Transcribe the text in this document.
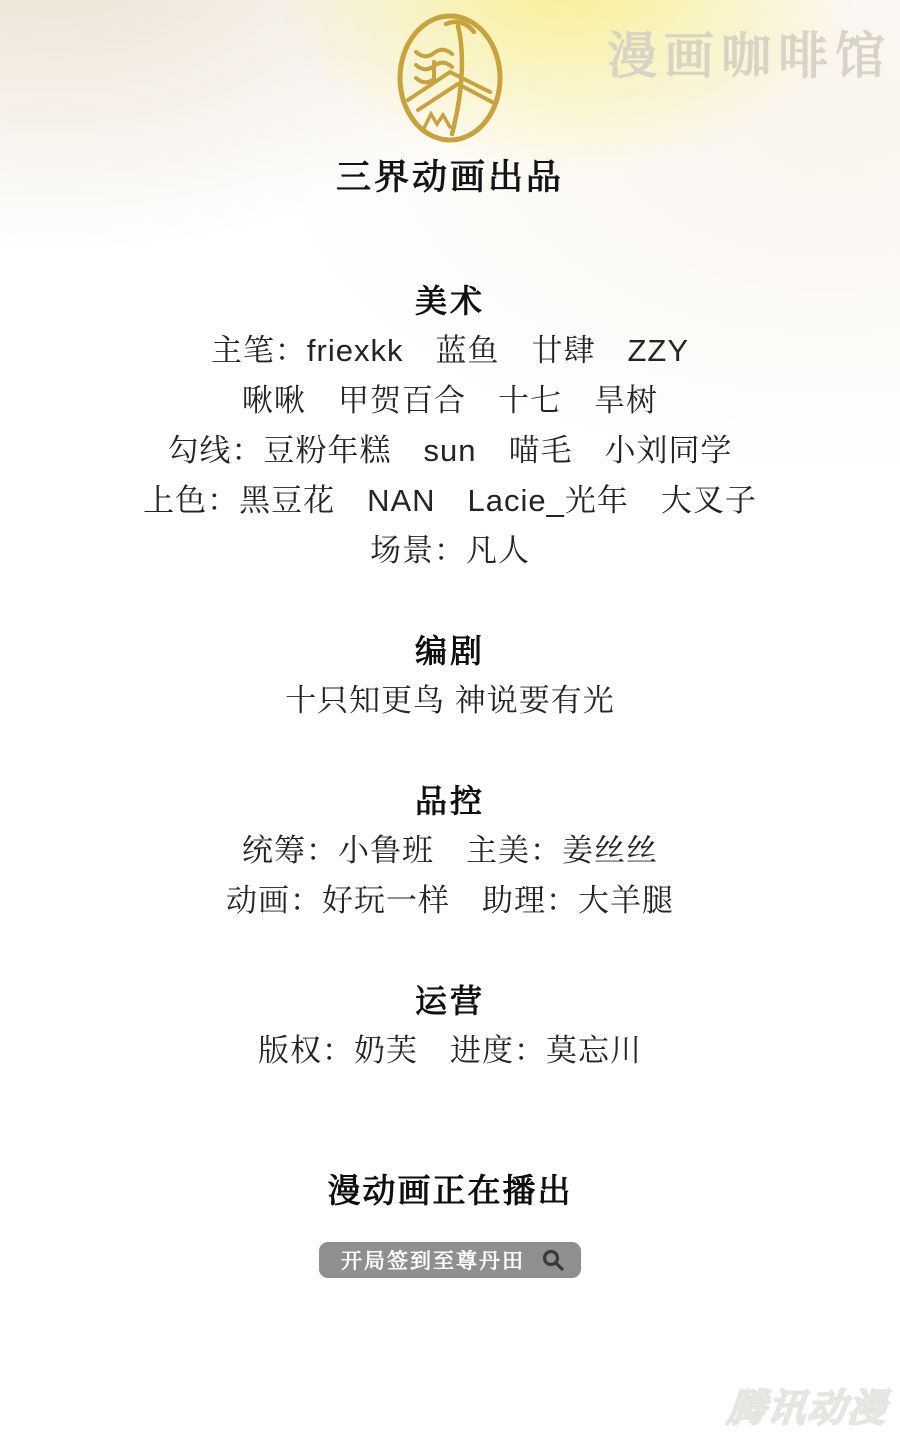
漫画咖啡馆
三界动画出品
美术

主笔：friexkk　蓝鱼　廿肆　ZZY

啾啾　甲贺百合　十七　旱树

勾线：豆粉年糕　sun　喵毛　小刘同学

上色：黑豆花　NAN　Lacie_光年　大叉子

场景：凡人

编剧

十只知更鸟 神说要有光

品控

统筹：小鲁班　主美：姜丝丝

动画：好玩一样　助理：大羊腿

运营

版权：奶芙　进度：莫忘川

漫动画正在播出
开局签到至尊丹田
腾讯动漫
